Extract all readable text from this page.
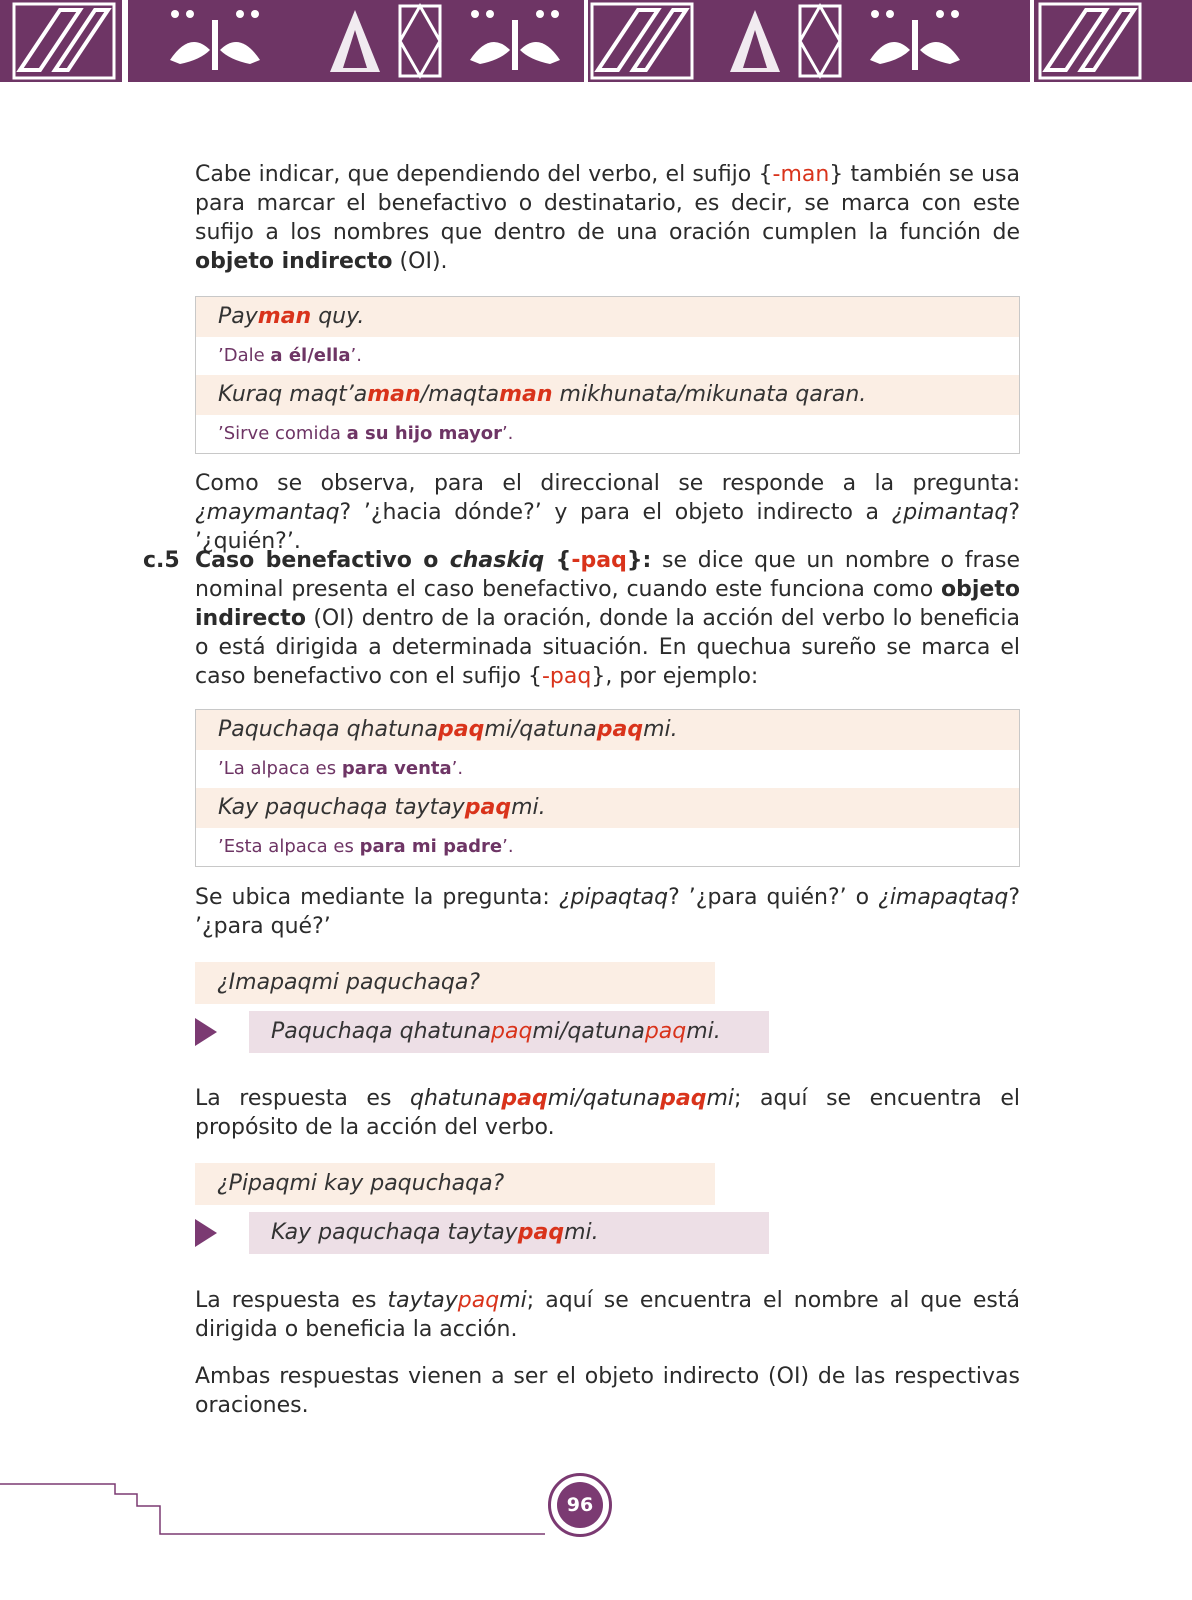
Cabe indicar, que dependiendo del verbo, el sufijo {-man} también se usa para marcar el benefactivo o destinatario, es decir, se marca con este sufijo a los nombres que dentro de una oración cumplen la función de objeto indirecto (OI).

Payman quy.
’Dale a él/ella’.
Kuraq maqt’aman/maqtaman mikhunata/mikunata qaran.
’Sirve comida a su hijo mayor’.

Como se observa, para el direccional se responde a la pregunta: ¿maymantaq? ’¿hacia dónde?’ y para el objeto indirecto a ¿pimantaq? ’¿quién?’.

c.5 Caso benefactivo o chaskiq {-paq}: se dice que un nombre o frase nominal presenta el caso benefactivo, cuando este funciona como objeto indirecto (OI) dentro de la oración, donde la acción del verbo lo beneficia o está dirigida a determinada situación. En quechua sureño se marca el caso benefactivo con el sufijo {-paq}, por ejemplo:

Paquchaqa qhatunapaqmi/qatunapaqmi.
’La alpaca es para venta’.
Kay paquchaqa taytaypaqmi.
’Esta alpaca es para mi padre’.

Se ubica mediante la pregunta: ¿pipaqtaq? ’¿para quién?’ o ¿imapaqtaq? ’¿para qué?’

¿Imapaqmi paquchaqa?
Paquchaqa qhatunapaqmi/qatunapaqmi.

La respuesta es qhatunapaqmi/qatunapaqmi; aquí se encuentra el propósito de la acción del verbo.

¿Pipaqmi kay paquchaqa?
Kay paquchaqa taytaypaqmi.

La respuesta es taytaypaqmi; aquí se encuentra el nombre al que está dirigida o beneficia la acción.

Ambas respuestas vienen a ser el objeto indirecto (OI) de las respectivas oraciones.

96
